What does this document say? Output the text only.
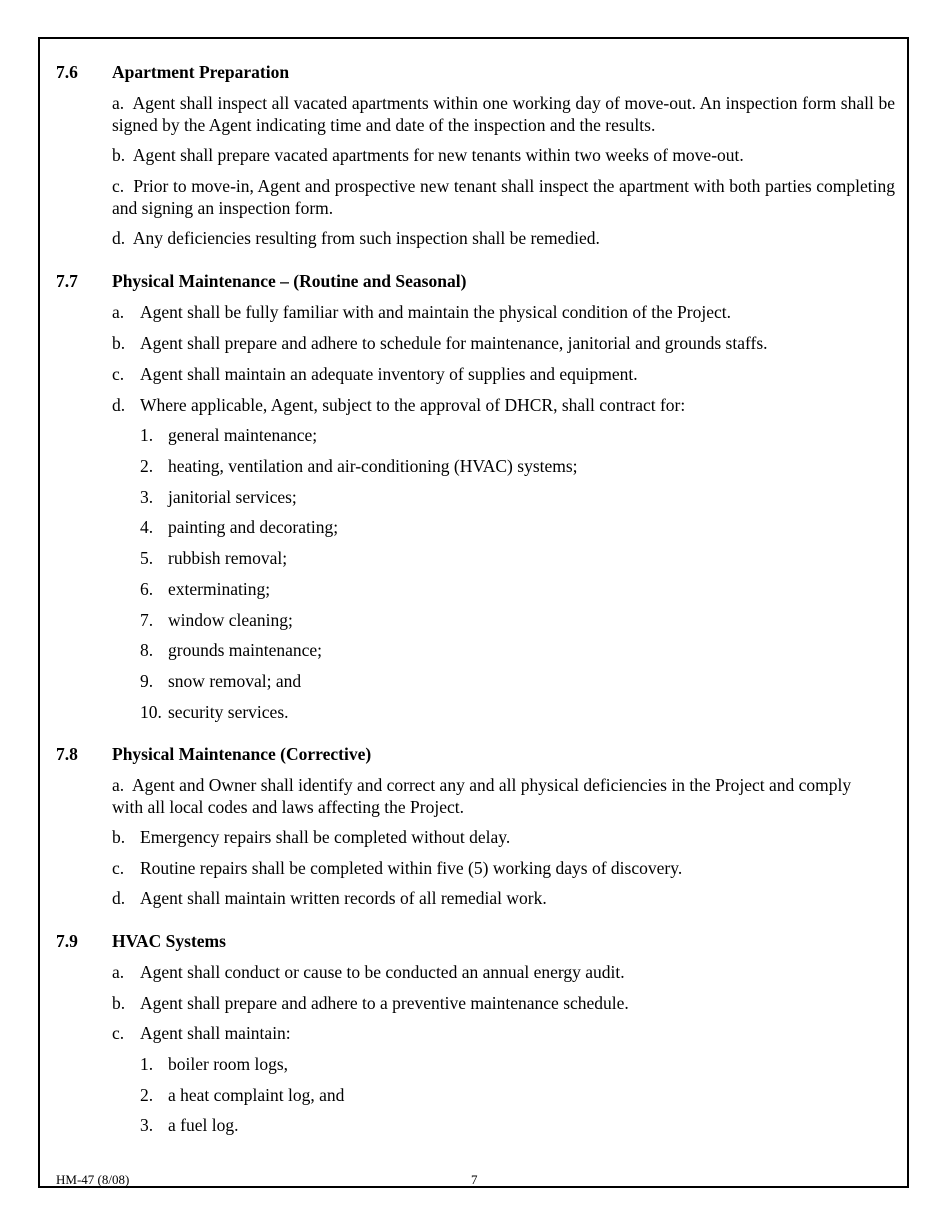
7.6 Apartment Preparation
a. Agent shall inspect all vacated apartments within one working day of move-out. An inspection form shall be signed by the Agent indicating time and date of the inspection and the results.
b. Agent shall prepare vacated apartments for new tenants within two weeks of move-out.
c. Prior to move-in, Agent and prospective new tenant shall inspect the apartment with both parties completing and signing an inspection form.
d. Any deficiencies resulting from such inspection shall be remedied.
7.7 Physical Maintenance – (Routine and Seasonal)
a. Agent shall be fully familiar with and maintain the physical condition of the Project.
b. Agent shall prepare and adhere to schedule for maintenance, janitorial and grounds staffs.
c. Agent shall maintain an adequate inventory of supplies and equipment.
d. Where applicable, Agent, subject to the approval of DHCR, shall contract for:
1. general maintenance;
2. heating, ventilation and air-conditioning (HVAC) systems;
3. janitorial services;
4. painting and decorating;
5. rubbish removal;
6. exterminating;
7. window cleaning;
8. grounds maintenance;
9. snow removal; and
10. security services.
7.8 Physical Maintenance (Corrective)
a. Agent and Owner shall identify and correct any and all physical deficiencies in the Project and comply with all local codes and laws affecting the Project.
b. Emergency repairs shall be completed without delay.
c. Routine repairs shall be completed within five (5) working days of discovery.
d. Agent shall maintain written records of all remedial work.
7.9 HVAC Systems
a. Agent shall conduct or cause to be conducted an annual energy audit.
b. Agent shall prepare and adhere to a preventive maintenance schedule.
c. Agent shall maintain:
1. boiler room logs,
2. a heat complaint log, and
3. a fuel log.
HM-47 (8/08)	7
